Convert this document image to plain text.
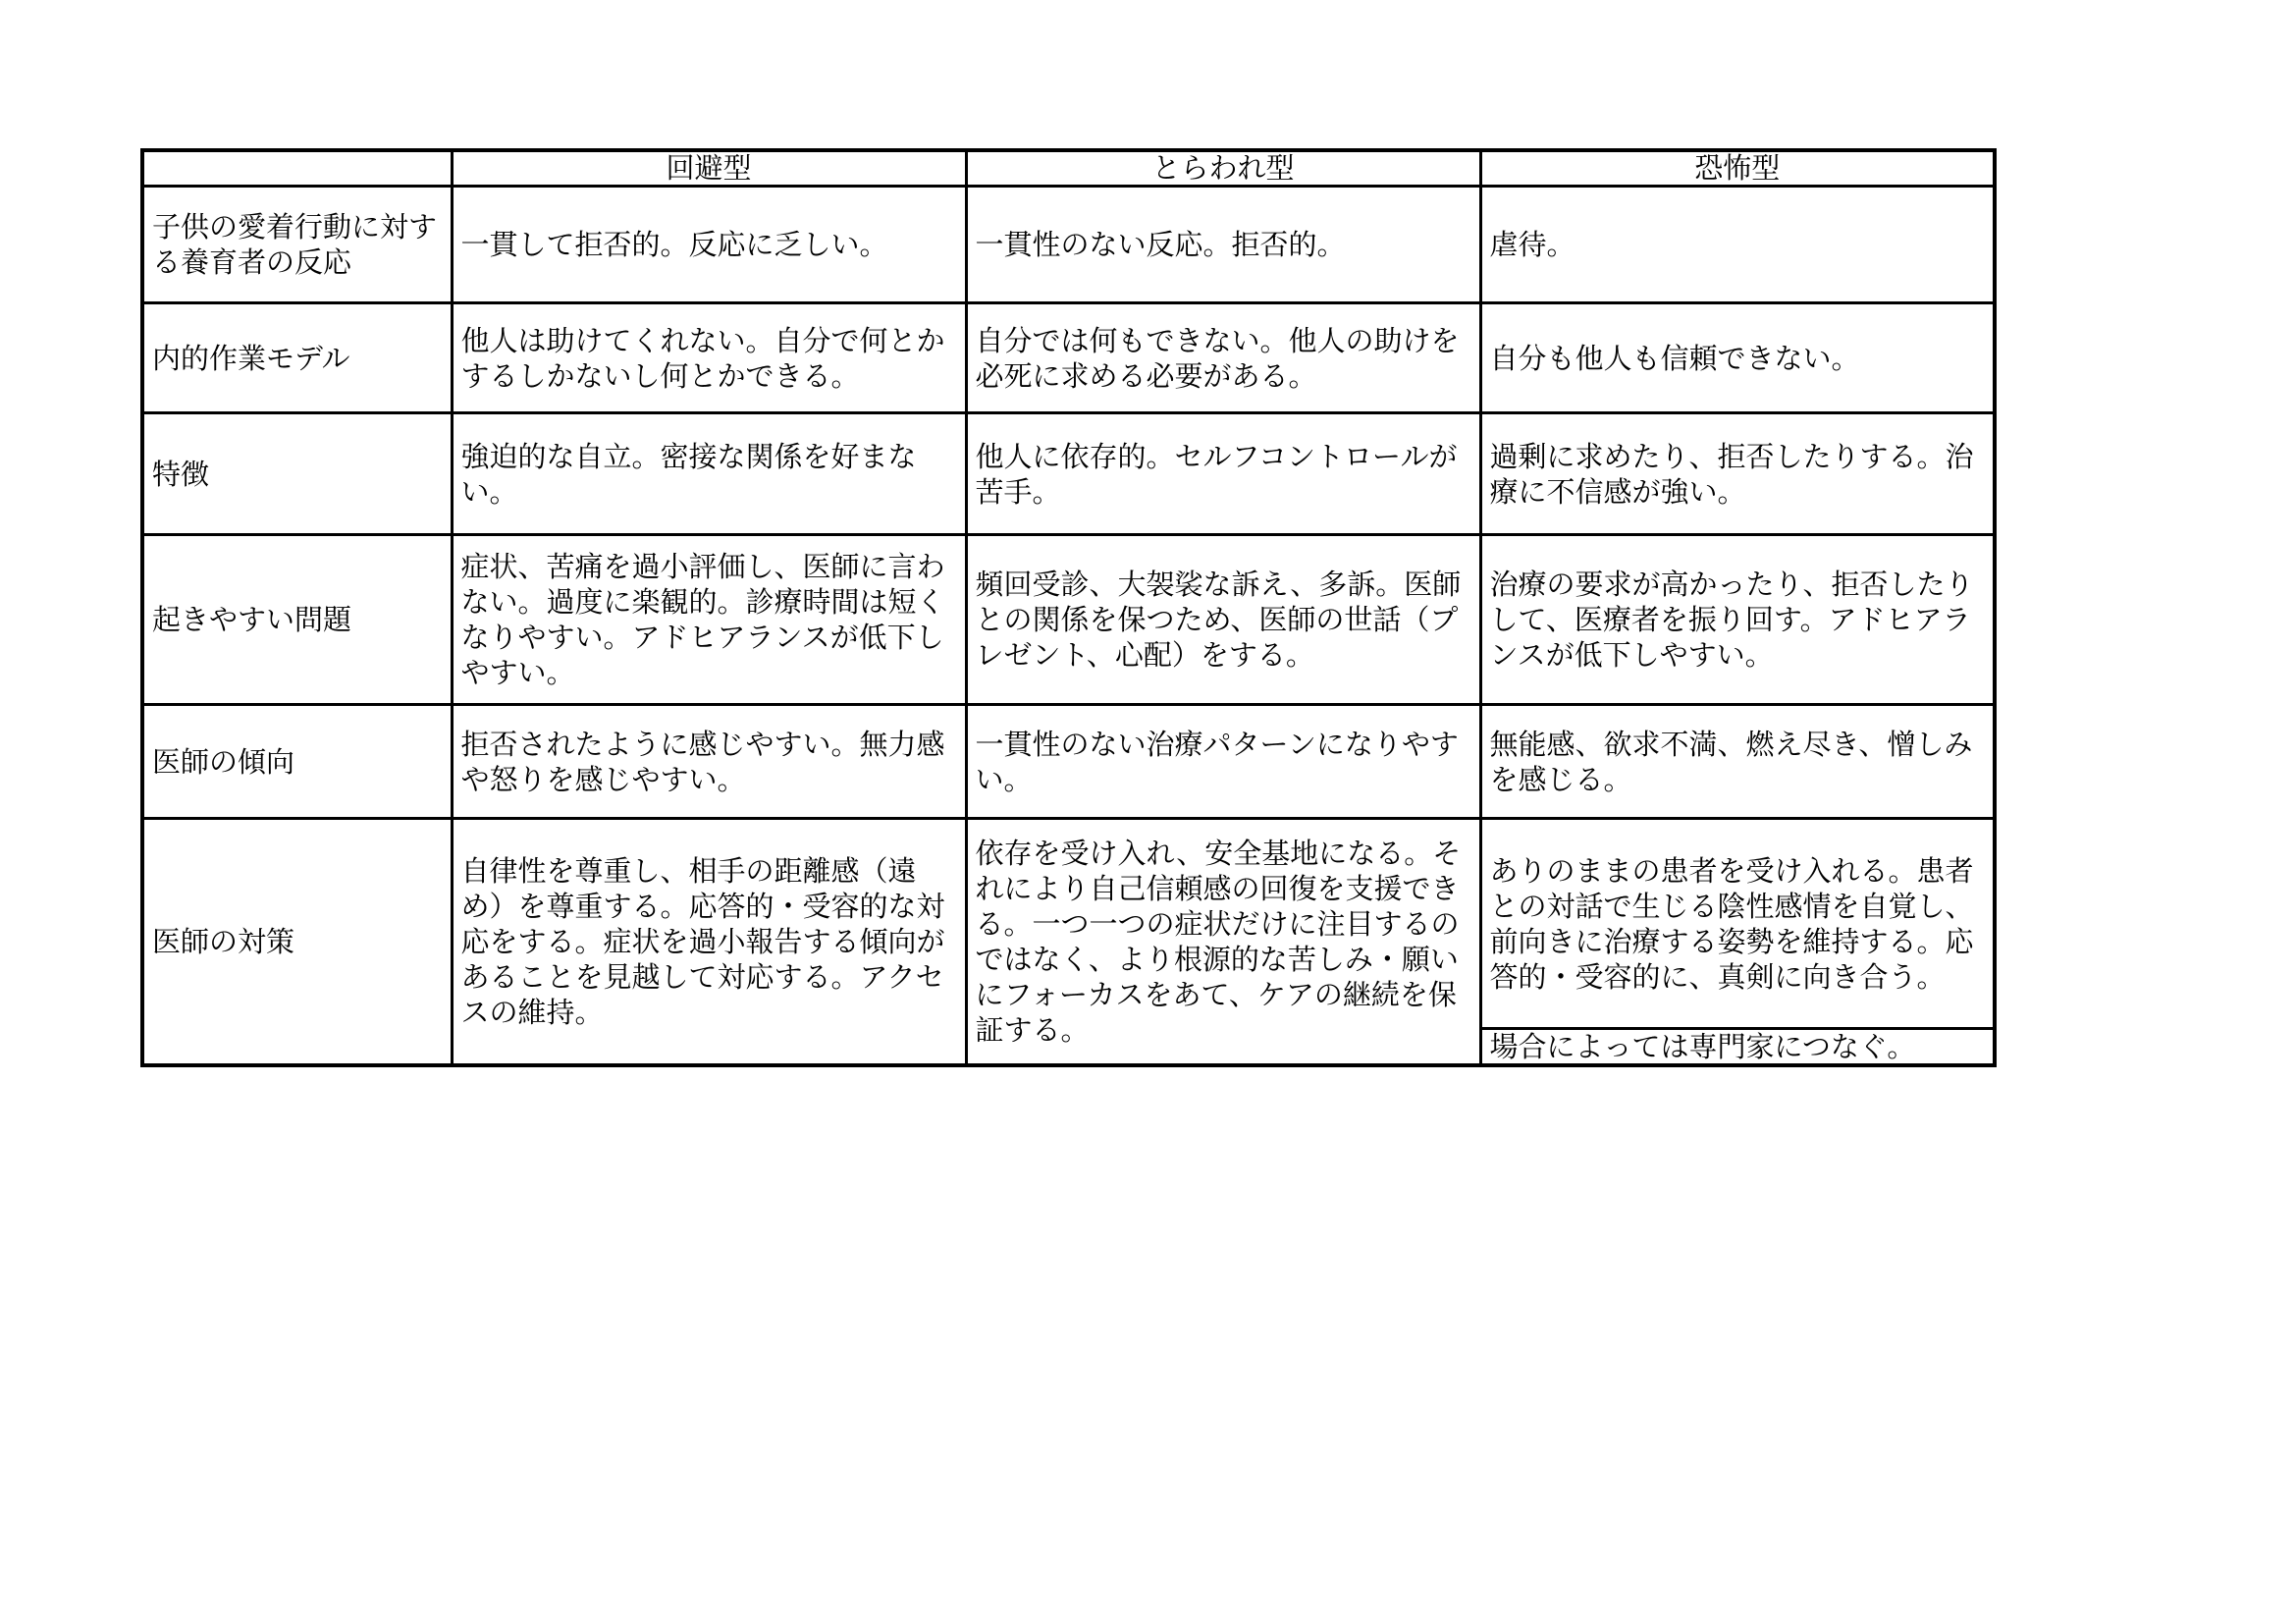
	回避型	とらわれ型	恐怖型
子供の愛着行動に対する養育者の反応	一貫して拒否的。反応に乏しい。	一貫性のない反応。拒否的。	虐待。
内的作業モデル	他人は助けてくれない。自分で何とかするしかないし何とかできる。	自分では何もできない。他人の助けを必死に求める必要がある。	自分も他人も信頼できない。
特徴	強迫的な自立。密接な関係を好まない。	他人に依存的。セルフコントロールが苦手。	過剰に求めたり、拒否したりする。治療に不信感が強い。
起きやすい問題	症状、苦痛を過小評価し、医師に言わない。過度に楽観的。診療時間は短くなりやすい。アドヒアランスが低下しやすい。	頻回受診、大袈裟な訴え、多訴。医師との関係を保つため、医師の世話（プレゼント、心配）をする。	治療の要求が高かったり、拒否したりして、医療者を振り回す。アドヒアランスが低下しやすい。
医師の傾向	拒否されたように感じやすい。無力感や怒りを感じやすい。	一貫性のない治療パターンになりやすい。	無能感、欲求不満、燃え尽き、憎しみを感じる。
医師の対策	自律性を尊重し、相手の距離感（遠め）を尊重する。応答的・受容的な対応をする。症状を過小報告する傾向があることを見越して対応する。アクセスの維持。	依存を受け入れ、安全基地になる。それにより自己信頼感の回復を支援できる。一つ一つの症状だけに注目するのではなく、より根源的な苦しみ・願いにフォーカスをあて、ケアの継続を保証する。	ありのままの患者を受け入れる。患者との対話で生じる陰性感情を自覚し、前向きに治療する姿勢を維持する。応答的・受容的に、真剣に向き合う。
場合によっては専門家につなぐ。
